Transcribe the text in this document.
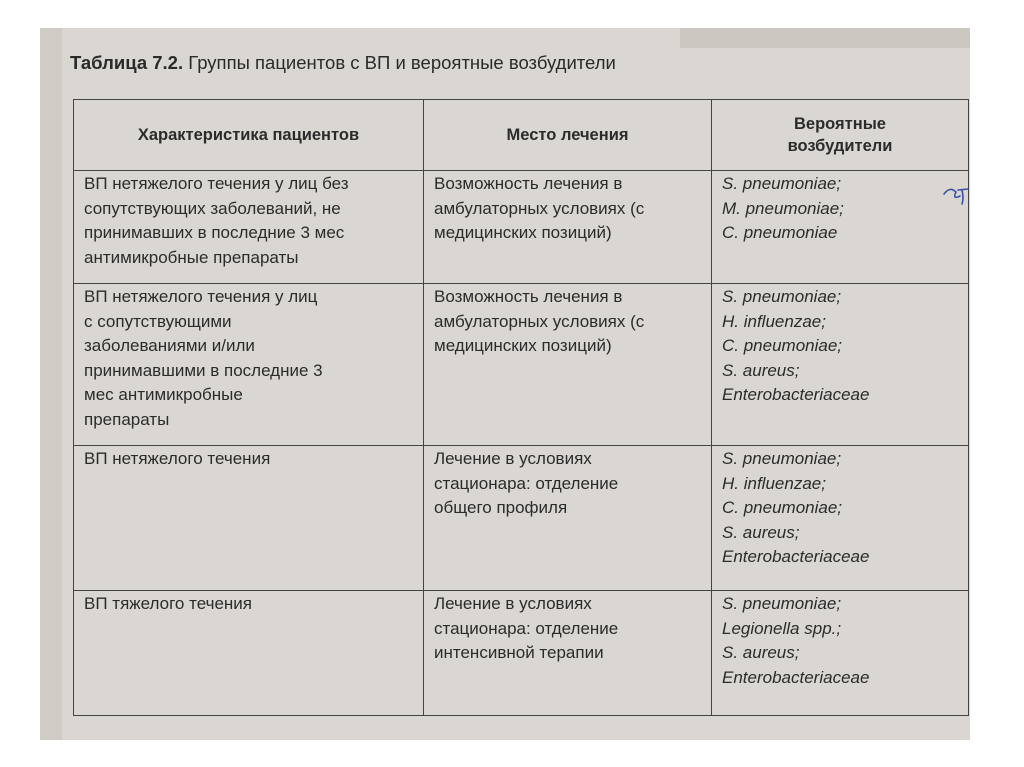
Таблица 7.2. Группы пациентов с ВП и вероятные возбудители
Характеристика пациентов	Место лечения	Вероятные возбудители
ВП нетяжелого течения у лиц без сопутствующих заболеваний, не принимавших в последние 3 мес антимикробные препараты	Возможность лечения в амбулаторных условиях (с медицинских позиций)	S. pneumoniae;
M. pneumoniae;
C. pneumoniae

ВП нетяжелого течения у лиц с сопутствующими заболеваниями и/или принимавшими в последние 3 мес антимикробные препараты	Возможность лечения в амбулаторных условиях (с медицинских позиций)	S. pneumoniae;
H. influenzae;
C. pneumoniae;
S. aureus;
Enterobacteriaceae

ВП нетяжелого течения	Лечение в условиях стационара: отделение общего профиля	S. pneumoniae;
H. influenzae;
C. pneumoniae;
S. aureus;
Enterobacteriaceae

ВП тяжелого течения	Лечение в условиях стационара: отделение интенсивной терапии	S. pneumoniae;
Legionella spp.;
S. aureus;
Enterobacteriaceae
